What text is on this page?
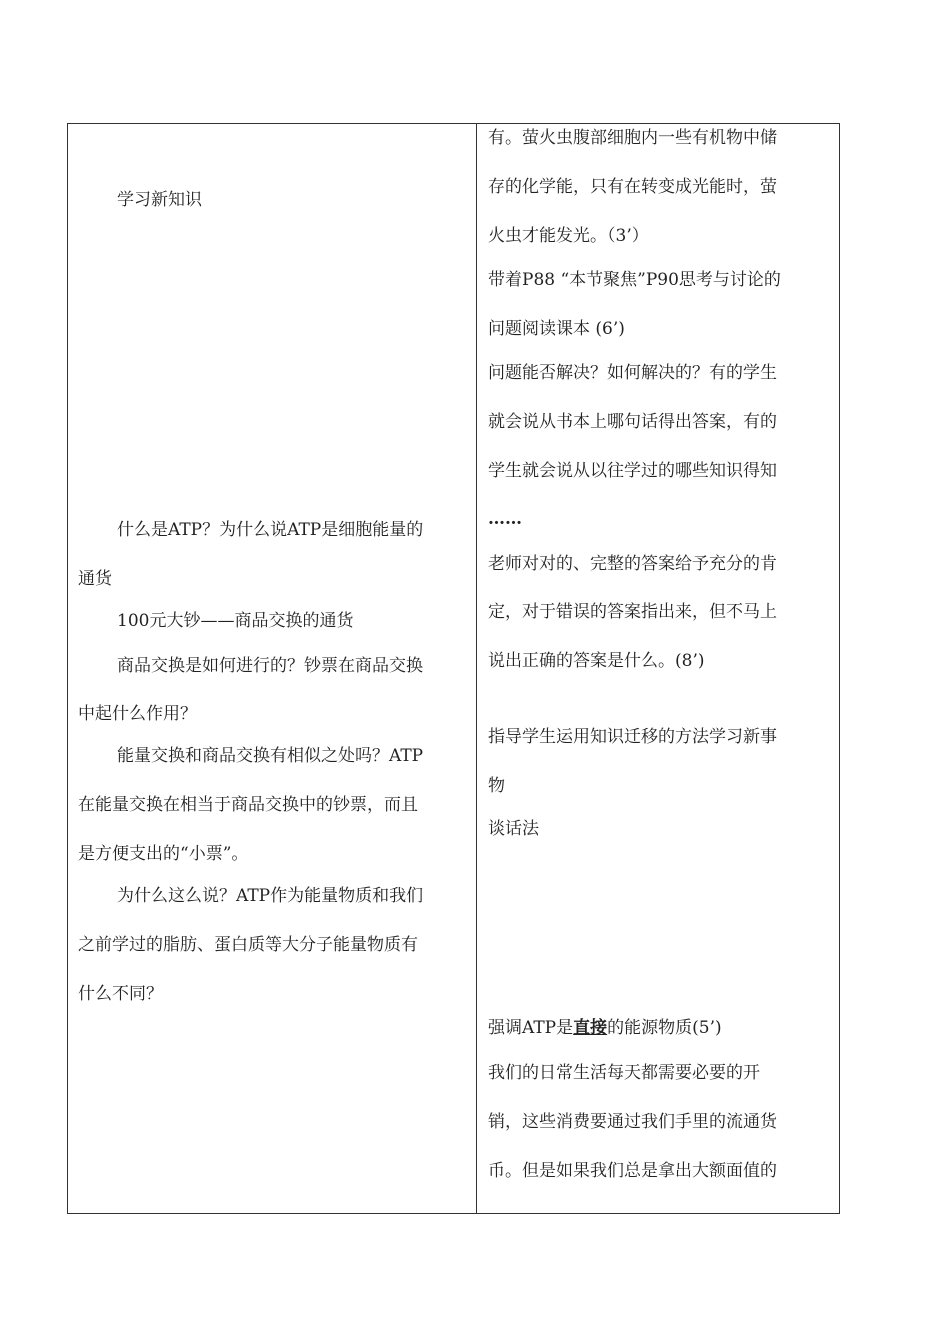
学习新知识
什么是ATP？为什么说ATP是细胞能量的
通货
100元大钞——商品交换的通货
商品交换是如何进行的？钞票在商品交换
中起什么作用？
能量交换和商品交换有相似之处吗？ATP
在能量交换在相当于商品交换中的钞票，而且
是方便支出的“小票”。
为什么这么说？ATP作为能量物质和我们
之前学过的脂肪、蛋白质等大分子能量物质有
什么不同？
有。萤火虫腹部细胞内一些有机物中储
存的化学能，只有在转变成光能时，萤
火虫才能发光。（3’）
带着P88 “本节聚焦”P90思考与讨论的
问题阅读课本 (6’)
问题能否解决？如何解决的？有的学生
就会说从书本上哪句话得出答案，有的
学生就会说从以往学过的哪些知识得知
……
老师对对的、完整的答案给予充分的肯
定，对于错误的答案指出来，但不马上
说出正确的答案是什么。(8’)
指导学生运用知识迁移的方法学习新事
物
谈话法
强调ATP是直接的能源物质(5’)
我们的日常生活每天都需要必要的开
销，这些消费要通过我们手里的流通货
币。但是如果我们总是拿出大额面值的
